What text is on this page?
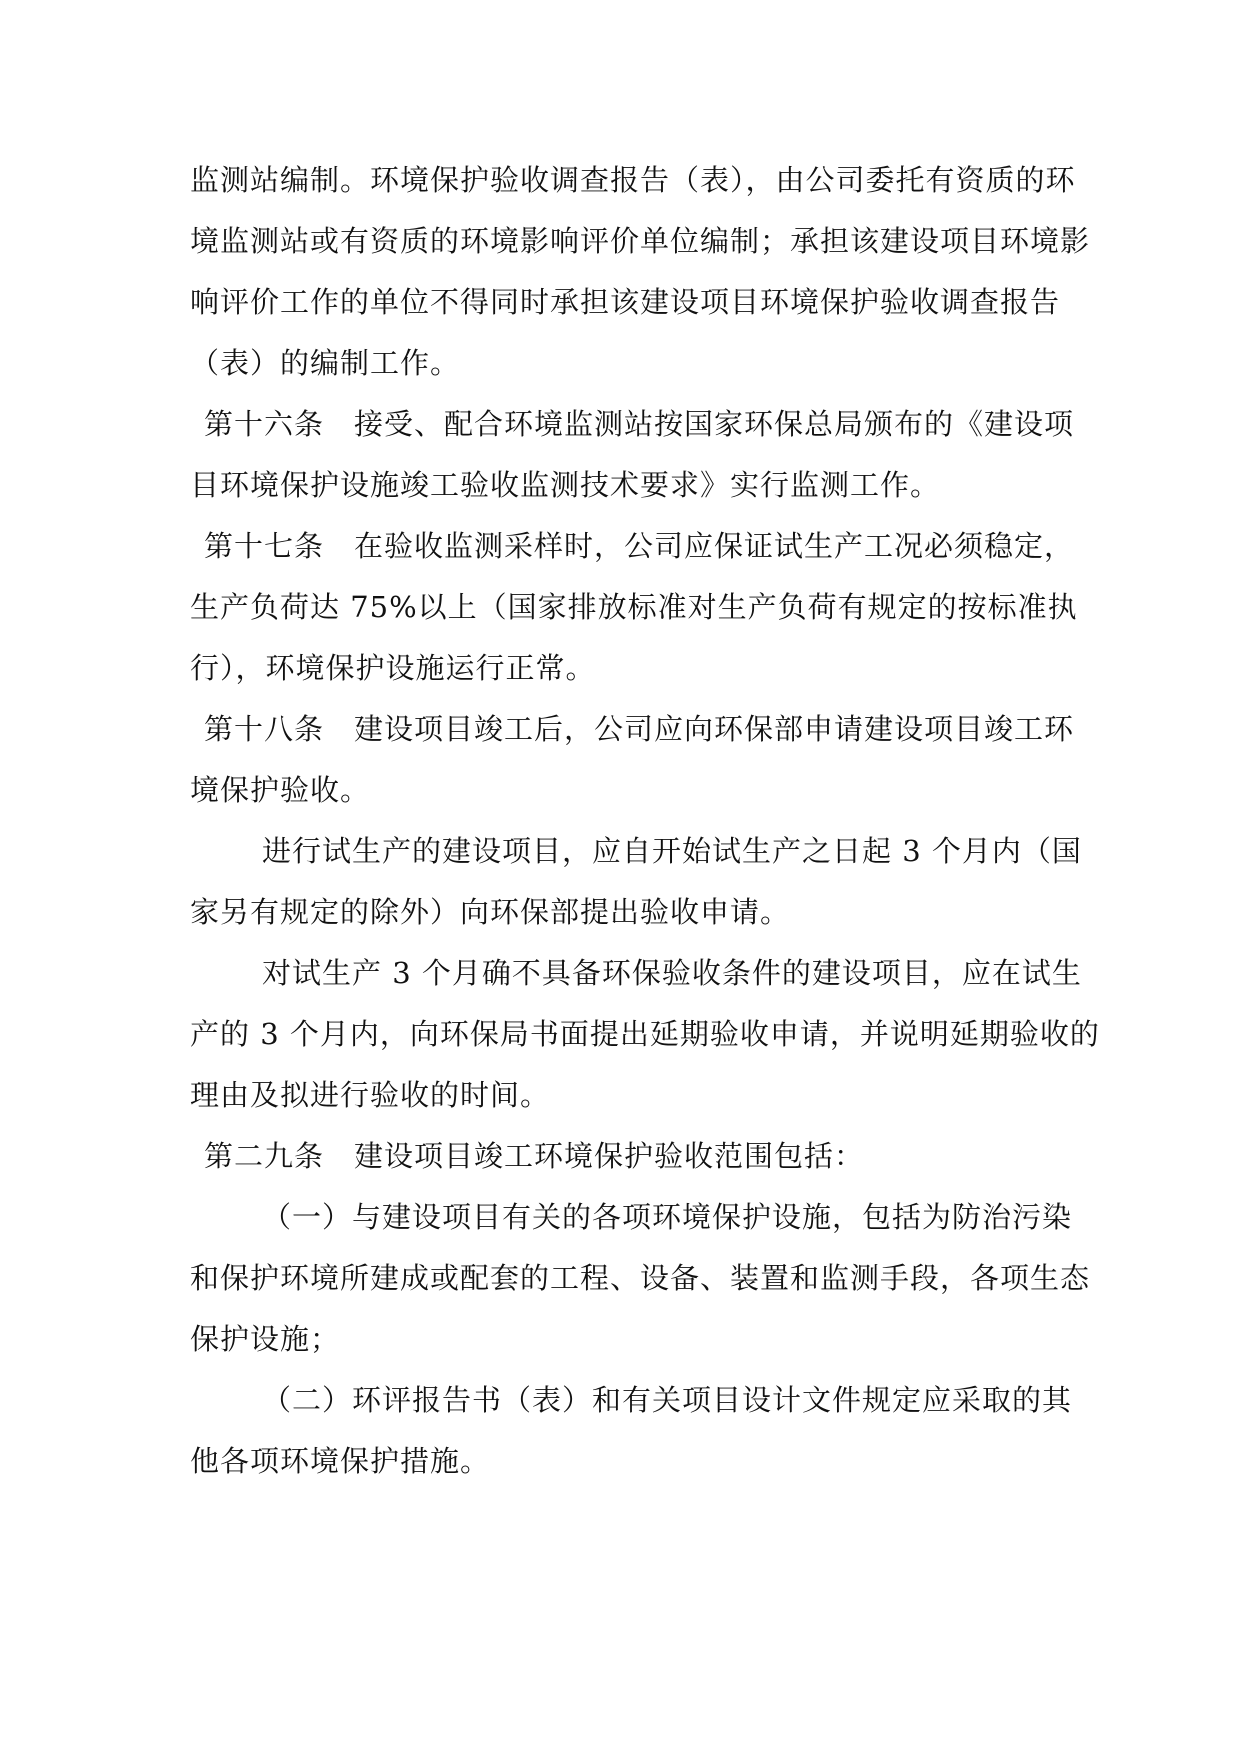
监测站编制。环境保护验收调查报告（表），由公司委托有资质的环
境监测站或有资质的环境影响评价单位编制；承担该建设项目环境影
响评价工作的单位不得同时承担该建设项目环境保护验收调查报告
（表）的编制工作。
第十六条　接受、配合环境监测站按国家环保总局颁布的《建设项
目环境保护设施竣工验收监测技术要求》实行监测工作。
第十七条　在验收监测采样时，公司应保证试生产工况必须稳定，
生产负荷达 75%以上（国家排放标准对生产负荷有规定的按标准执
行），环境保护设施运行正常。
第十八条　建设项目竣工后，公司应向环保部申请建设项目竣工环
境保护验收。
进行试生产的建设项目，应自开始试生产之日起 3 个月内（国
家另有规定的除外）向环保部提出验收申请。
对试生产 3 个月确不具备环保验收条件的建设项目，应在试生
产的 3 个月内，向环保局书面提出延期验收申请，并说明延期验收的
理由及拟进行验收的时间。
第二九条　建设项目竣工环境保护验收范围包括：
（一）与建设项目有关的各项环境保护设施，包括为防治污染
和保护环境所建成或配套的工程、设备、装置和监测手段，各项生态
保护设施；
（二）环评报告书（表）和有关项目设计文件规定应采取的其
他各项环境保护措施。
